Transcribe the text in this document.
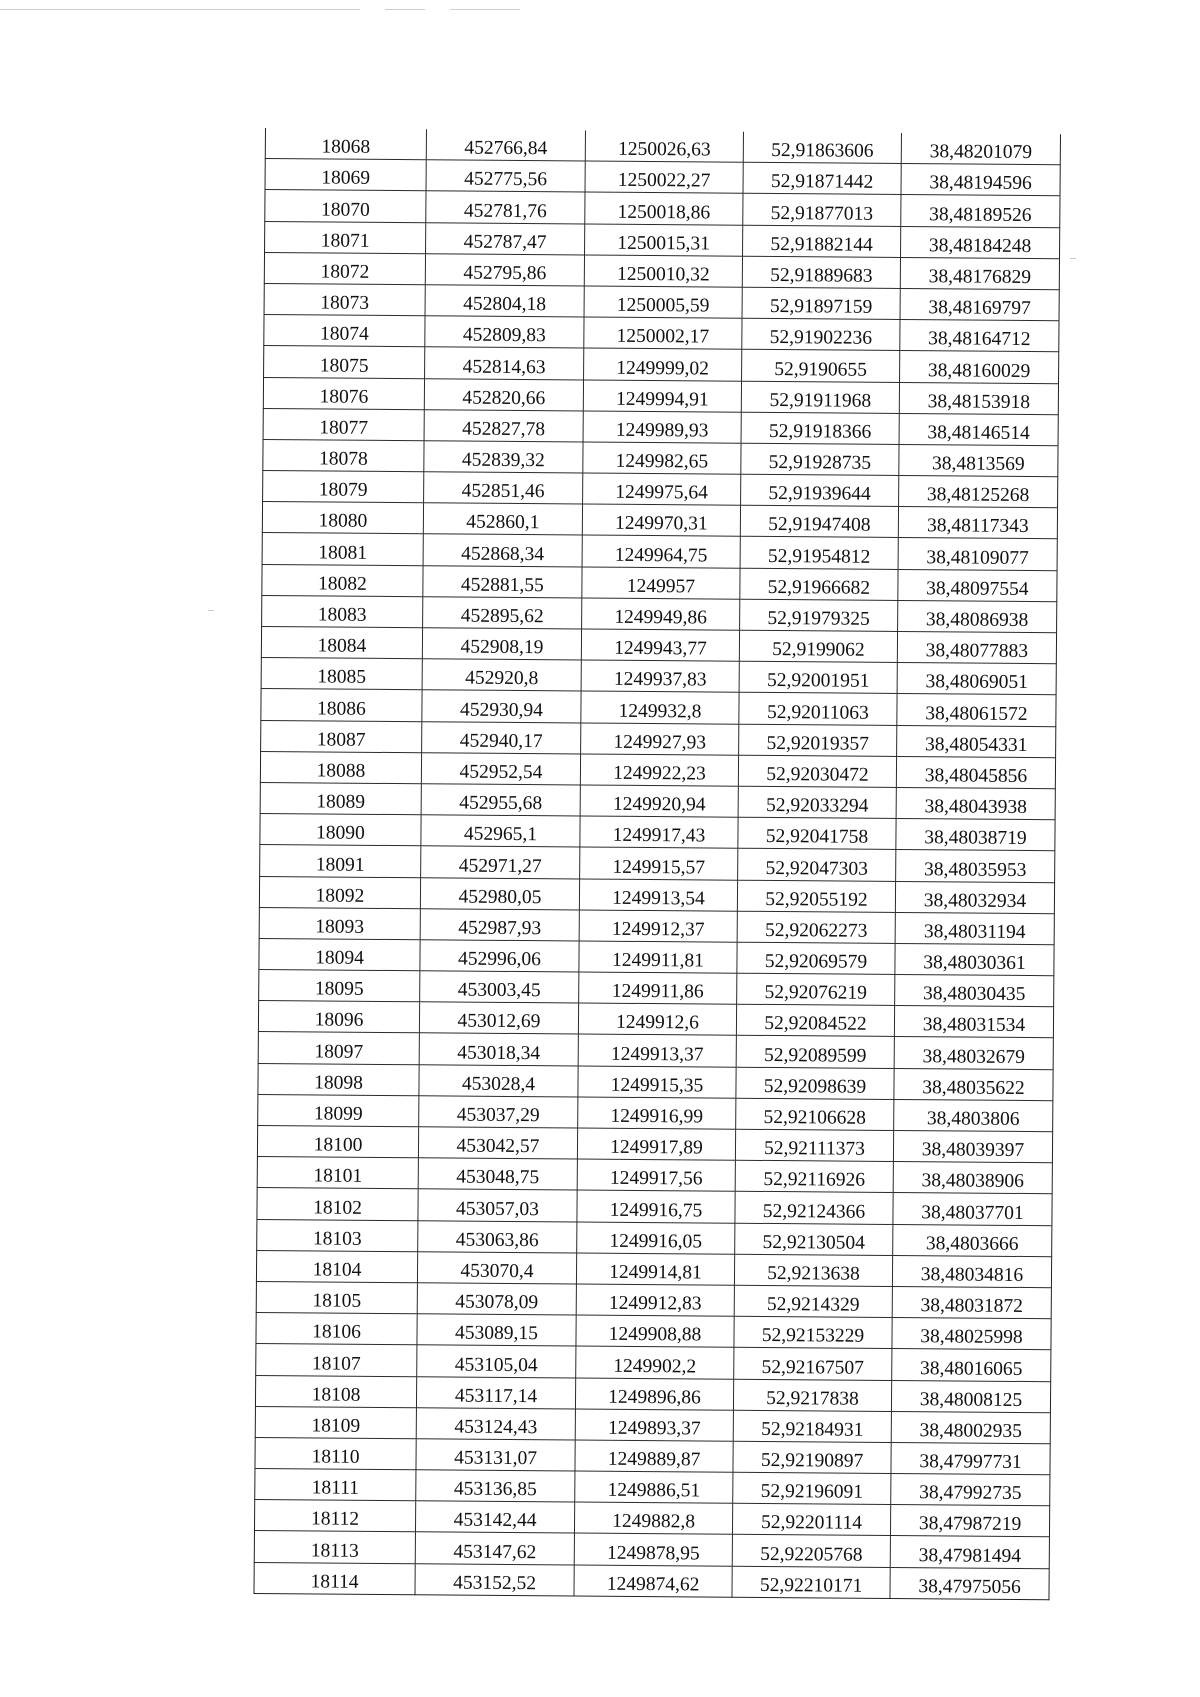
18068	452766,84	1250026,63	52,91863606	38,48201079
18069	452775,56	1250022,27	52,91871442	38,48194596
18070	452781,76	1250018,86	52,91877013	38,48189526
18071	452787,47	1250015,31	52,91882144	38,48184248
18072	452795,86	1250010,32	52,91889683	38,48176829
18073	452804,18	1250005,59	52,91897159	38,48169797
18074	452809,83	1250002,17	52,91902236	38,48164712
18075	452814,63	1249999,02	52,9190655	38,48160029
18076	452820,66	1249994,91	52,91911968	38,48153918
18077	452827,78	1249989,93	52,91918366	38,48146514
18078	452839,32	1249982,65	52,91928735	38,4813569
18079	452851,46	1249975,64	52,91939644	38,48125268
18080	452860,1	1249970,31	52,91947408	38,48117343
18081	452868,34	1249964,75	52,91954812	38,48109077
18082	452881,55	1249957	52,91966682	38,48097554
18083	452895,62	1249949,86	52,91979325	38,48086938
18084	452908,19	1249943,77	52,9199062	38,48077883
18085	452920,8	1249937,83	52,92001951	38,48069051
18086	452930,94	1249932,8	52,92011063	38,48061572
18087	452940,17	1249927,93	52,92019357	38,48054331
18088	452952,54	1249922,23	52,92030472	38,48045856
18089	452955,68	1249920,94	52,92033294	38,48043938
18090	452965,1	1249917,43	52,92041758	38,48038719
18091	452971,27	1249915,57	52,92047303	38,48035953
18092	452980,05	1249913,54	52,92055192	38,48032934
18093	452987,93	1249912,37	52,92062273	38,48031194
18094	452996,06	1249911,81	52,92069579	38,48030361
18095	453003,45	1249911,86	52,92076219	38,48030435
18096	453012,69	1249912,6	52,92084522	38,48031534
18097	453018,34	1249913,37	52,92089599	38,48032679
18098	453028,4	1249915,35	52,92098639	38,48035622
18099	453037,29	1249916,99	52,92106628	38,4803806
18100	453042,57	1249917,89	52,92111373	38,48039397
18101	453048,75	1249917,56	52,92116926	38,48038906
18102	453057,03	1249916,75	52,92124366	38,48037701
18103	453063,86	1249916,05	52,92130504	38,4803666
18104	453070,4	1249914,81	52,9213638	38,48034816
18105	453078,09	1249912,83	52,9214329	38,48031872
18106	453089,15	1249908,88	52,92153229	38,48025998
18107	453105,04	1249902,2	52,92167507	38,48016065
18108	453117,14	1249896,86	52,9217838	38,48008125
18109	453124,43	1249893,37	52,92184931	38,48002935
18110	453131,07	1249889,87	52,92190897	38,47997731
18111	453136,85	1249886,51	52,92196091	38,47992735
18112	453142,44	1249882,8	52,92201114	38,47987219
18113	453147,62	1249878,95	52,92205768	38,47981494
18114	453152,52	1249874,62	52,92210171	38,47975056
